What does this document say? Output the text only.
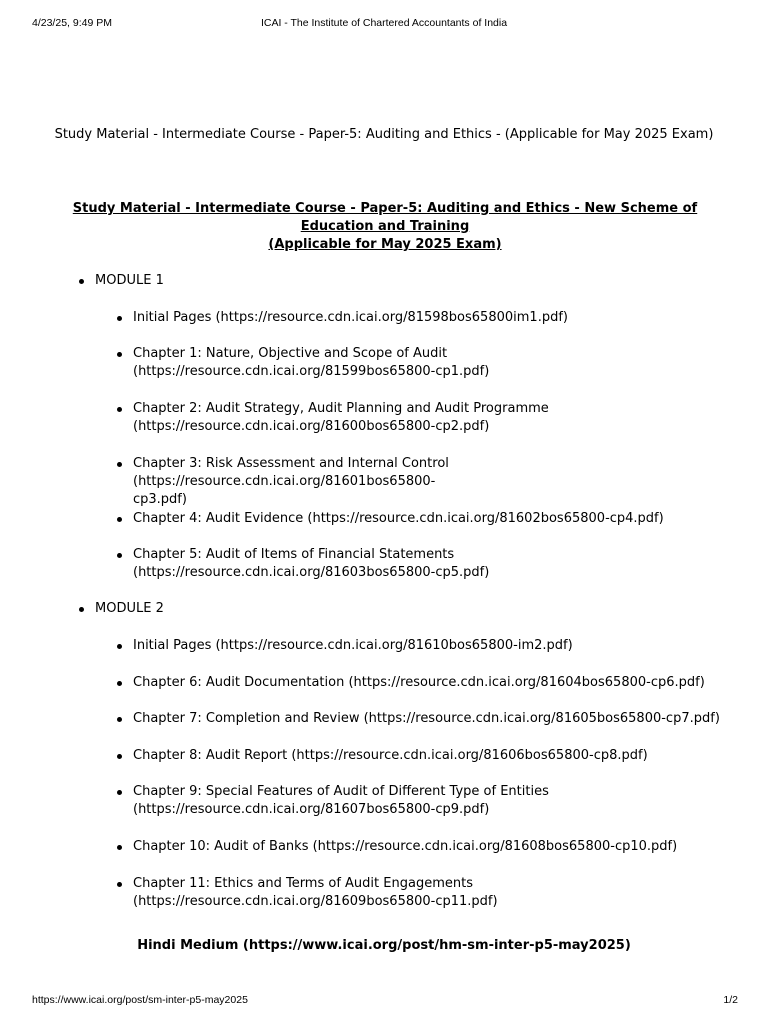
4/23/25, 9:49 PM	ICAI - The Institute of Chartered Accountants of India
Study Material - Intermediate Course - Paper-5: Auditing and Ethics - (Applicable for May 2025 Exam)
Study Material - Intermediate Course - Paper-5: Auditing and Ethics - New Scheme of Education and Training
(Applicable for May 2025 Exam)
MODULE 1
Initial Pages (https://resource.cdn.icai.org/81598bos65800im1.pdf)
Chapter 1: Nature, Objective and Scope of Audit
(https://resource.cdn.icai.org/81599bos65800-cp1.pdf)
Chapter 2: Audit Strategy, Audit Planning and Audit Programme
(https://resource.cdn.icai.org/81600bos65800-cp2.pdf)
Chapter 3: Risk Assessment and Internal Control (https://resource.cdn.icai.org/81601bos65800-
cp3.pdf)
Chapter 4: Audit Evidence (https://resource.cdn.icai.org/81602bos65800-cp4.pdf)
Chapter 5: Audit of Items of Financial Statements
(https://resource.cdn.icai.org/81603bos65800-cp5.pdf)
MODULE 2
Initial Pages (https://resource.cdn.icai.org/81610bos65800-im2.pdf)
Chapter 6: Audit Documentation (https://resource.cdn.icai.org/81604bos65800-cp6.pdf)
Chapter 7: Completion and Review (https://resource.cdn.icai.org/81605bos65800-cp7.pdf)
Chapter 8: Audit Report (https://resource.cdn.icai.org/81606bos65800-cp8.pdf)
Chapter 9: Special Features of Audit of Different Type of Entities
(https://resource.cdn.icai.org/81607bos65800-cp9.pdf)
Chapter 10: Audit of Banks (https://resource.cdn.icai.org/81608bos65800-cp10.pdf)
Chapter 11: Ethics and Terms of Audit Engagements
(https://resource.cdn.icai.org/81609bos65800-cp11.pdf)
Hindi Medium (https://www.icai.org/post/hm-sm-inter-p5-may2025)
https://www.icai.org/post/sm-inter-p5-may2025	1/2
